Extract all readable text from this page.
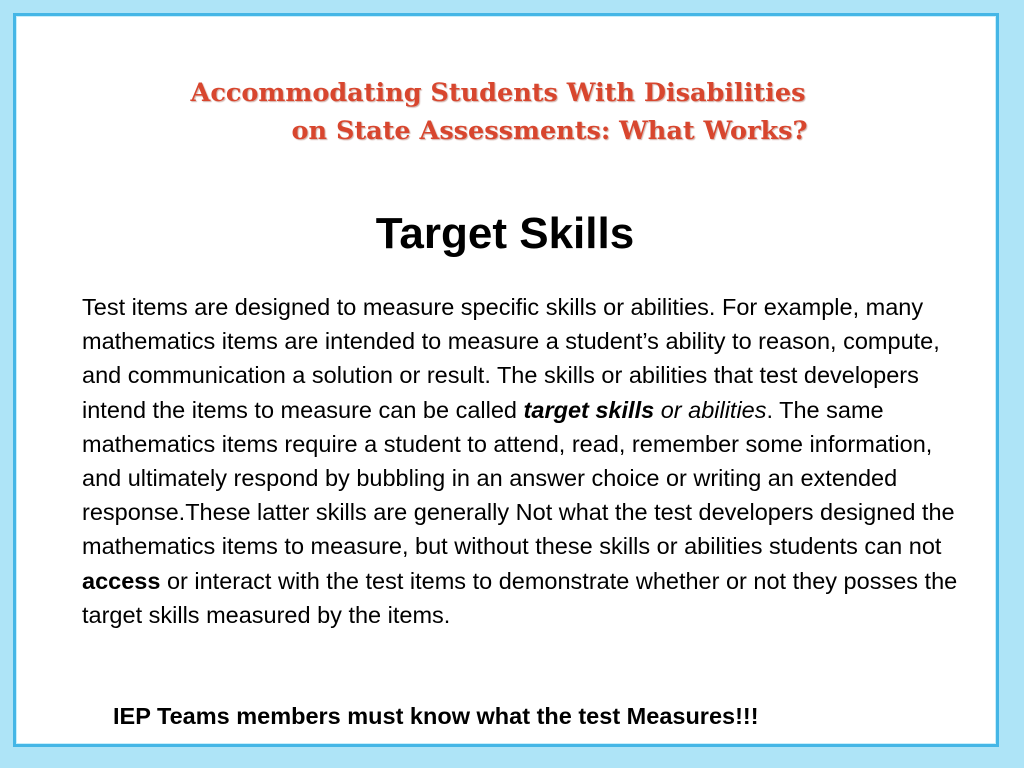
Accommodating Students With Disabilities
on State Assessments: What Works?
Target Skills
Test items are designed to measure specific skills or abilities. For example, many mathematics items are intended to measure a student’s ability to reason, compute, and communication a solution or result. The skills or abilities that test developers intend the items to measure can be called target skills or abilities. The same mathematics items require a student to attend, read, remember some information, and ultimately respond by bubbling in an answer choice or writing an extended response.These latter skills are generally Not what the test developers designed the mathematics items to measure, but without these skills or abilities students can not access or interact with the test items to demonstrate whether or not they posses the target skills measured by the items.
IEP Teams members must know what the test Measures!!!
